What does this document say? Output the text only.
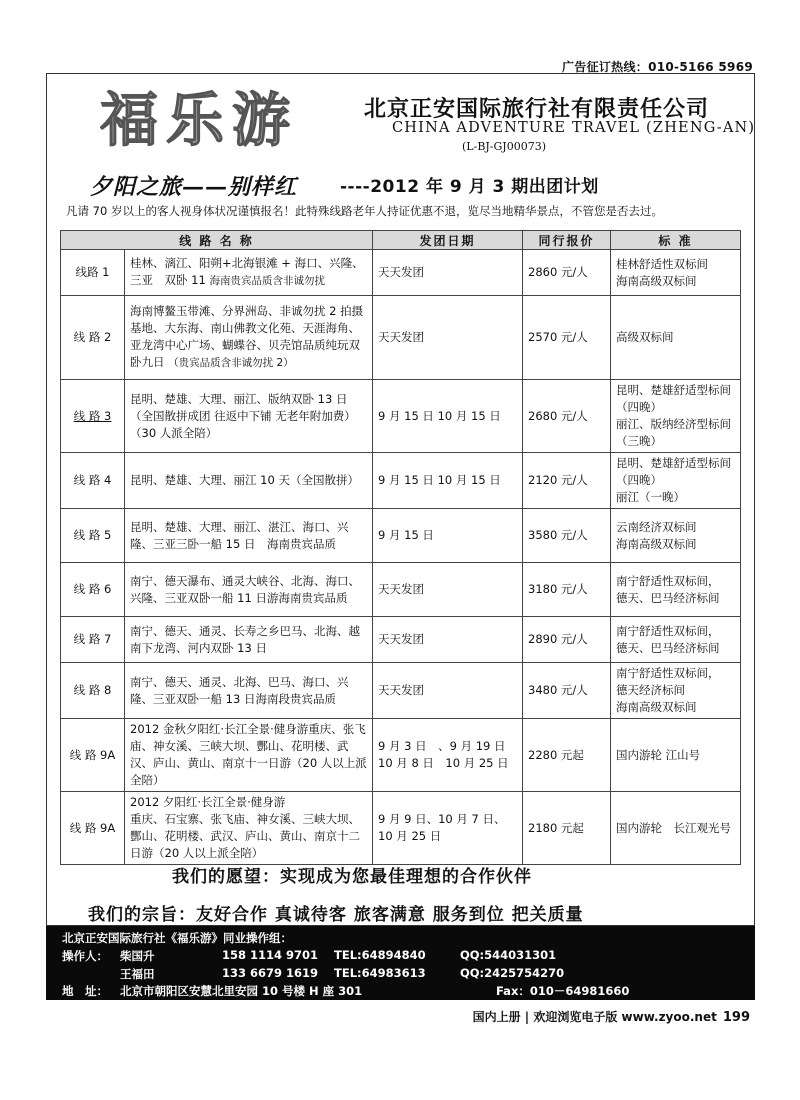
广告征订热线：010-5166 5969
福乐游	北京正安国际旅行社有限责任公司
CHINA ADVENTURE TRAVEL (ZHENG-AN)
(L-BJ-GJ00073)
夕阳之旅——别样红	----2012 年 9 月 3 期出团计划
凡请 70 岁以上的客人视身体状况谨慎报名！此特殊线路老年人持证优惠不退，览尽当地精华景点，不管您是否去过。
线 路 名 称		发团日期	同行报价	标 准
线路 1	桂林、漓江、阳朔+北海银滩 + 海口、兴隆、三亚　双卧 11 海南贵宾品质含非诚勿扰	天天发团	2860 元/人	桂林舒适性双标间
海南高级双标间
线 路 2	海南博鳌玉带滩、分界洲岛、非诚勿扰 2 拍摄基地、大东海、南山佛教文化苑、天涯海角、亚龙湾中心广场、蝴蝶谷、贝壳馆品质纯玩双卧九日 （贵宾品质含非诚勿扰 2）	天天发团	2570 元/人	高级双标间
线 路 3	昆明、楚雄、大理、丽江、版纳双卧 13 日（全国散拼成团 往返中下铺 无老年附加费）（30 人派全陪）	9 月 15 日 10 月 15 日	2680 元/人	昆明、楚雄舒适型标间　（四晚）
丽江、版纳经济型标间　（三晚）
线 路 4	昆明、楚雄、大理、丽江 10 天（全国散拼）	9 月 15 日 10 月 15 日	2120 元/人	昆明、楚雄舒适型标间　（四晚）
丽江（一晚）
线 路 5	昆明、楚雄、大理、丽江、湛江、海口、兴隆、三亚三卧一船 15 日　海南贵宾品质	9 月 15 日	3580 元/人	云南经济双标间
海南高级双标间
线 路 6	南宁、德天瀑布、通灵大峡谷、北海、海口、兴隆、三亚双卧一船 11 日游海南贵宾品质	天天发团	3180 元/人	南宁舒适性双标间，
德天、巴马经济标间
线 路 7	南宁、德天、通灵、长寿之乡巴马、北海、越南下龙湾、河内双卧 13 日	天天发团	2890 元/人	南宁舒适性双标间，
德天、巴马经济标间
线 路 8	南宁、德天、通灵、北海、巴马、海口、兴隆、三亚双卧一船 13 日海南段贵宾品质	天天发团	3480 元/人	南宁舒适性双标间，
德天经济标间
海南高级双标间
线 路 9A	2012 金秋夕阳红·长江全景·健身游重庆、张飞庙、神女溪、三峡大坝、酆山、花明楼、武汉、庐山、黄山、南京十一日游（20 人以上派全陪）	9 月 3 日　、9 月 19 日
10 月 8 日　10 月 25 日	2280 元起	国内游轮 江山号
线 路 9A	2012 夕阳红·长江全景·健身游
重庆、石宝寨、张飞庙、神女溪、三峡大坝、酆山、花明楼、武汉、庐山、黄山、南京十二日游（20 人以上派全陪）	9 月 9 日、10 月 7 日、10 月 25 日	2180 元起	国内游轮　长江观光号
我们的愿望：实现成为您最佳理想的合作伙伴
我们的宗旨：友好合作 真诚待客 旅客满意 服务到位 把关质量
北京正安国际旅行社《福乐游》同业操作组：
操作人： 柴国升	158 1114 9701 TEL:64894840	QQ:544031301
王福田	133 6679 1619 TEL:64983613	QQ:2425754270
地　址： 北京市朝阳区安慧北里安园 10 号楼 H 座 301	Fax：010－64981660
国内上册 | 欢迎浏览电子版 www.zyoo.net 199
